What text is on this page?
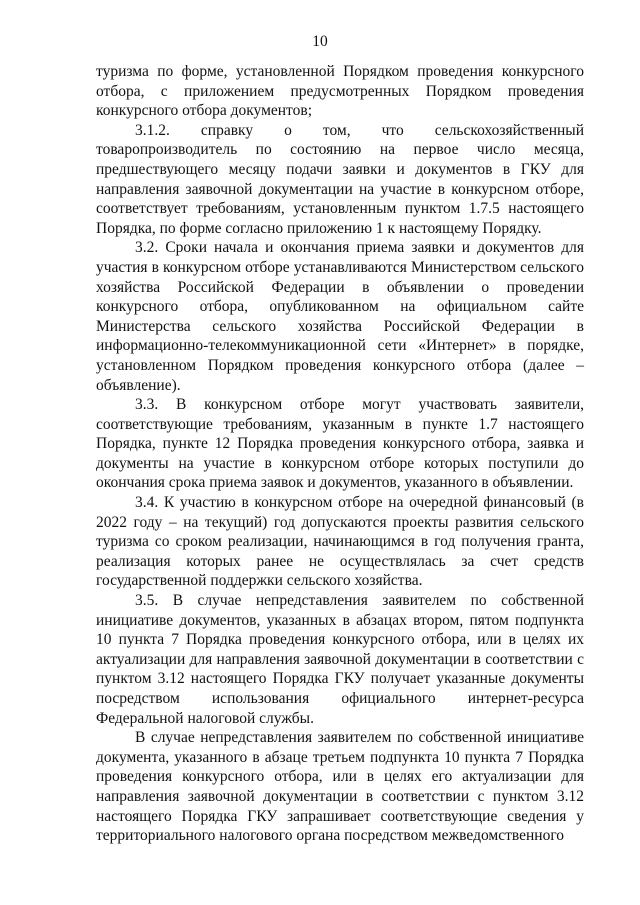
10

туризма по форме, установленной Порядком проведения конкурсного отбора, с приложением предусмотренных Порядком проведения конкурсного отбора документов;

3.1.2. справку о том, что сельскохозяйственный товаропроизводитель по состоянию на первое число месяца, предшествующего месяцу подачи заявки и документов в ГКУ для направления заявочной документации на участие в конкурсном отборе, соответствует требованиям, установленным пунктом 1.7.5 настоящего Порядка, по форме согласно приложению 1 к настоящему Порядку.

3.2. Сроки начала и окончания приема заявки и документов для участия в конкурсном отборе устанавливаются Министерством сельского хозяйства Российской Федерации в объявлении о проведении конкурсного отбора, опубликованном на официальном сайте Министерства сельского хозяйства Российской Федерации в информационно-телекоммуникационной сети «Интернет» в порядке, установленном Порядком проведения конкурсного отбора (далее – объявление).

3.3. В конкурсном отборе могут участвовать заявители, соответствующие требованиям, указанным в пункте 1.7 настоящего Порядка, пункте 12 Порядка проведения конкурсного отбора, заявка и документы на участие в конкурсном отборе которых поступили до окончания срока приема заявок и документов, указанного в объявлении.

3.4. К участию в конкурсном отборе на очередной финансовый (в 2022 году – на текущий) год допускаются проекты развития сельского туризма со сроком реализации, начинающимся в год получения гранта, реализация которых ранее не осуществлялась за счет средств государственной поддержки сельского хозяйства.

3.5. В случае непредставления заявителем по собственной инициативе документов, указанных в абзацах втором, пятом подпункта 10 пункта 7 Порядка проведения конкурсного отбора, или в целях их актуализации для направления заявочной документации в соответствии с пунктом 3.12 настоящего Порядка ГКУ получает указанные документы посредством использования официального интернет-ресурса Федеральной налоговой службы.

В случае непредставления заявителем по собственной инициативе документа, указанного в абзаце третьем подпункта 10 пункта 7 Порядка проведения конкурсного отбора, или в целях его актуализации для направления заявочной документации в соответствии с пунктом 3.12 настоящего Порядка ГКУ запрашивает соответствующие сведения у территориального налогового органа посредством межведомственного
